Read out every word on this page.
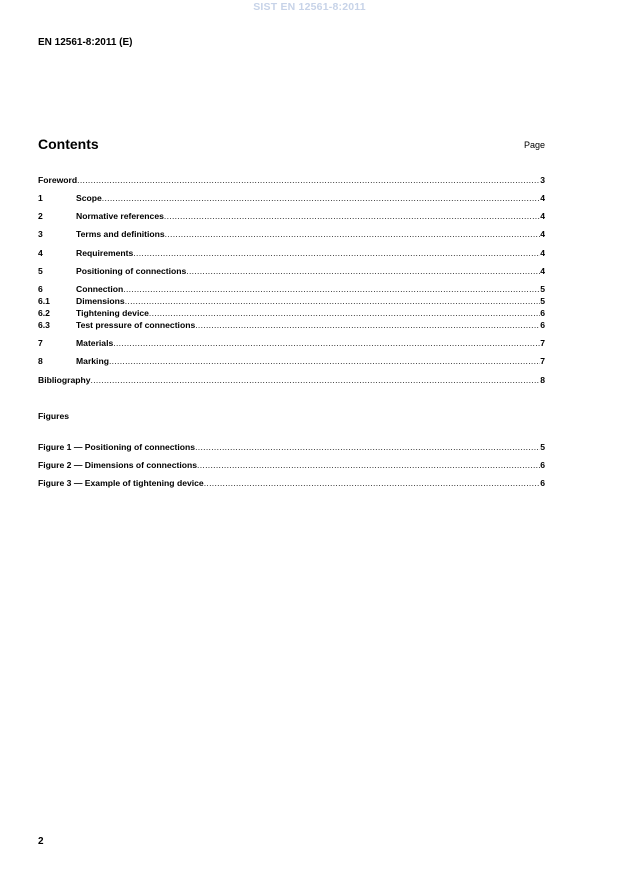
SIST EN 12561-8:2011
EN 12561-8:2011 (E)
Contents	Page
Foreword .....	3
1	Scope .....	4
2	Normative references .....	4
3	Terms and definitions .....	4
4	Requirements .....	4
5	Positioning of connections .....	4
6	Connection .....	5
6.1	Dimensions .....	5
6.2	Tightening device .....	6
6.3	Test pressure of connections .....	6
7	Materials .....	7
8	Marking .....	7
Bibliography .....	8
Figure 1 — Positioning of connections .....	5
Figure 2 — Dimensions of connections .....	6
Figure 3 — Example of tightening device .....	6
Figures
2
